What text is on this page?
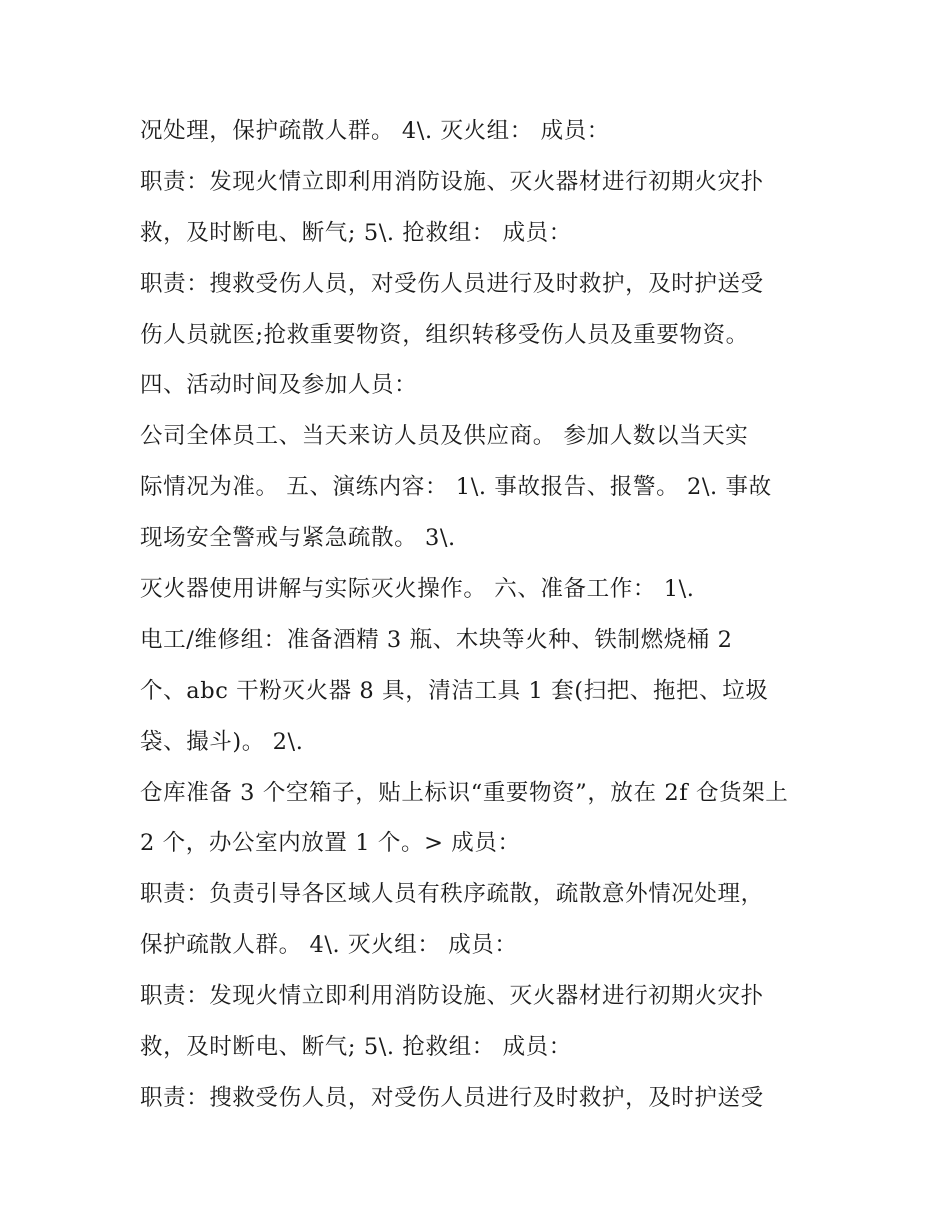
况处理，保护疏散人群。 4\. 灭火组： 成员：
职责：发现火情立即利用消防设施、灭火器材进行初期火灾扑
救，及时断电、断气; 5\. 抢救组： 成员：
职责：搜救受伤人员，对受伤人员进行及时救护，及时护送受
伤人员就医;抢救重要物资，组织转移受伤人员及重要物资。
四、活动时间及参加人员：
公司全体员工、当天来访人员及供应商。 参加人数以当天实
际情况为准。 五、演练内容： 1\. 事故报告、报警。 2\. 事故
现场安全警戒与紧急疏散。 3\.
灭火器使用讲解与实际灭火操作。 六、准备工作： 1\.
电工/维修组：准备酒精 3 瓶、木块等火种、铁制燃烧桶 2
个、abc 干粉灭火器 8 具，清洁工具 1 套(扫把、拖把、垃圾
袋、撮斗)。 2\.
仓库准备 3 个空箱子，贴上标识“重要物资”，放在 2f 仓货架上
2 个，办公室内放置 1 个。> 成员：
职责：负责引导各区域人员有秩序疏散，疏散意外情况处理，
保护疏散人群。 4\. 灭火组： 成员：
职责：发现火情立即利用消防设施、灭火器材进行初期火灾扑
救，及时断电、断气; 5\. 抢救组： 成员：
职责：搜救受伤人员，对受伤人员进行及时救护，及时护送受
